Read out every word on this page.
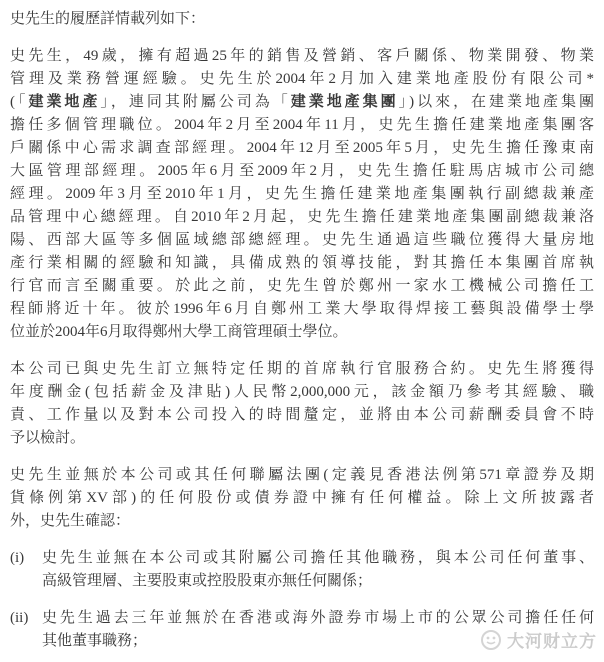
史先生的履歷詳情載列如下：
史先生，49歲，擁有超過25年的銷售及營銷、客戶關係、物業開發、物業
管理及業務營運經驗。史先生於2004年2月加入建業地產股份有限公司*
(「建業地產」，連同其附屬公司為「建業地產集團」)以來，在建業地產集團
擔任多個管理職位。2004年2月至2004年11月，史先生擔任建業地產集團客
戶關係中心需求調查部經理。2004年12月至2005年5月，史先生擔任豫東南
大區管理部經理。2005年6月至2009年2月，史先生擔任駐馬店城市公司總
經理。2009年3月至2010年1月，史先生擔任建業地產集團執行副總裁兼產
品管理中心總經理。自2010年2月起，史先生擔任建業地產集團副總裁兼洛
陽、西部大區等多個區域總部總經理。史先生通過這些職位獲得大量房地
產行業相關的經驗和知識，具備成熟的領導技能，對其擔任本集團首席執
行官而言至關重要。於此之前，史先生曾於鄭州一家水工機械公司擔任工
程師將近十年。彼於1996年6月自鄭州工業大學取得焊接工藝與設備學士學
位並於2004年6月取得鄭州大學工商管理碩士學位。
本公司已與史先生訂立無特定任期的首席執行官服務合約。史先生將獲得
年度酬金(包括薪金及津貼)人民幣2,000,000元，該金額乃參考其經驗、職
責、工作量以及對本公司投入的時間釐定，並將由本公司薪酬委員會不時
予以檢討。
史先生並無於本公司或其任何聯屬法團(定義見香港法例第571章證券及期
貨條例第XV部)的任何股份或債券證中擁有任何權益。除上文所披露者
外，史先生確認：
(i)	史先生並無在本公司或其附屬公司擔任其他職務，與本公司任何董事、
高級管理層、主要股東或控股股東亦無任何關係；
(ii) 史先生過去三年並無於在香港或海外證券市場上市的公眾公司擔任任何
其他董事職務；	大河财立方
